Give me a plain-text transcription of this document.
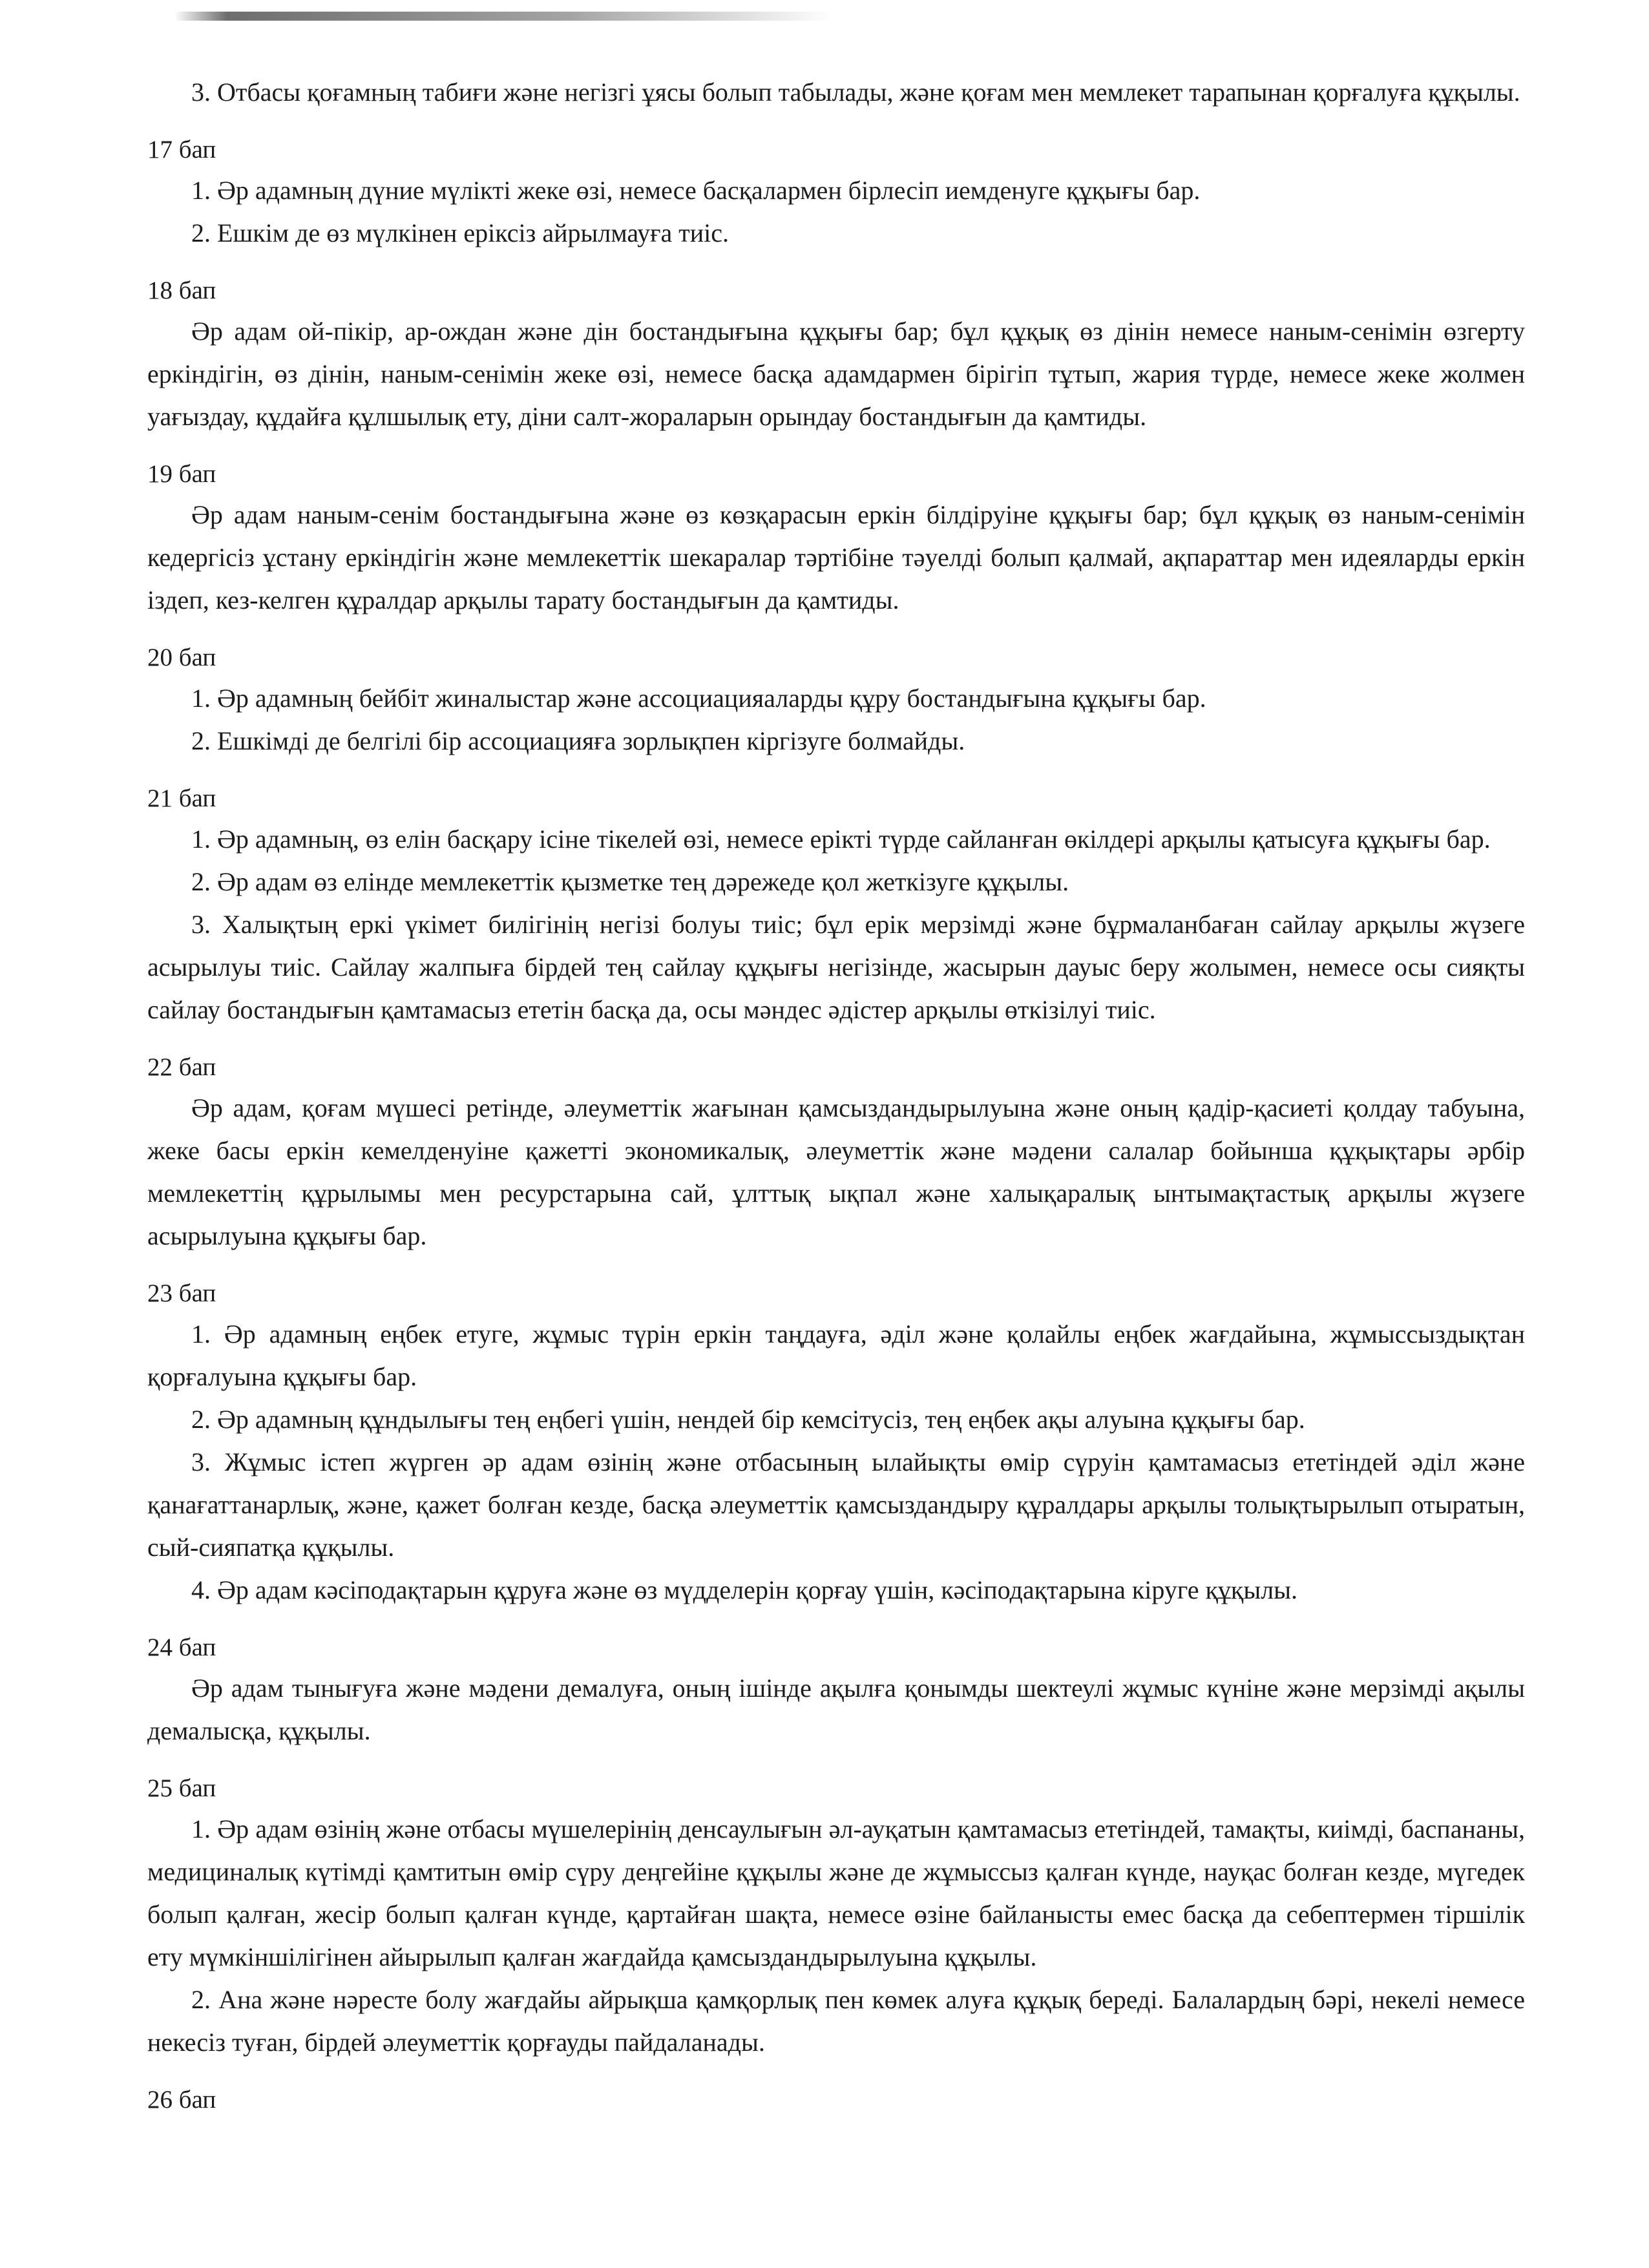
3. Отбасы қоғамның табиғи және негізгі ұясы болып табылады, және қоғам мен мемлекет тарапынан қорғалуға құқылы.

17 бап

1. Әр адамның дүние мүлікті жеке өзі, немесе басқалармен бірлесіп иемденуге құқығы бар.

2. Ешкім де өз мүлкінен еріксіз айрылмауға тиіс.

18 бап

Әр адам ой-пікір, ар-ождан және дін бостандығына құқығы бар; бұл құқық өз дінін немесе наным-сенімін өзгерту еркіндігін, өз дінін, наным-сенімін жеке өзі, немесе басқа адамдармен бірігіп тұтып, жария түрде, немесе жеке жолмен уағыздау, құдайға құлшылық ету, діни салт-жораларын орындау бостандығын да қамтиды.

19 бап

Әр адам наным-сенім бостандығына және өз көзқарасын еркін білдіруіне құқығы бар; бұл құқық өз наным-сенімін кедергісіз ұстану еркіндігін және мемлекеттік шекаралар тәртібіне тәуелді болып қалмай, ақпараттар мен идеяларды еркін іздеп, кез-келген құралдар арқылы тарату бостандығын да қамтиды.

20 бап

1. Әр адамның бейбіт жиналыстар және ассоциацияаларды құру бостандығына құқығы бар.

2. Ешкімді де белгілі бір ассоциацияға зорлықпен кіргізуге болмайды.

21 бап

1. Әр адамның, өз елін басқару ісіне тікелей өзі, немесе ерікті түрде сайланған өкілдері арқылы қатысуға құқығы бар.

2. Әр адам өз елінде мемлекеттік қызметке тең дәрежеде қол жеткізуге құқылы.

3. Халықтың еркі үкімет билігінің негізі болуы тиіс; бұл ерік мерзімді және бұрмаланбаған сайлау арқылы жүзеге асырылуы тиіс. Сайлау жалпыға бірдей тең сайлау құқығы негізінде, жасырын дауыс беру жолымен, немесе осы сияқты сайлау бостандығын қамтамасыз ететін басқа да, осы мәндес әдістер арқылы өткізілуі тиіс.

22 бап

Әр адам, қоғам мүшесі ретінде, әлеуметтік жағынан қамсыздандырылуына және оның қадір-қасиеті қолдау табуына, жеке басы еркін кемелденуіне қажетті экономикалық, әлеуметтік және мәдени салалар бойынша құқықтары әрбір мемлекеттің құрылымы мен ресурстарына сай, ұлттық ықпал және халықаралық ынтымақтастық арқылы жүзеге асырылуына құқығы бар.

23 бап

1. Әр адамның еңбек етуге, жұмыс түрін еркін таңдауға, әділ және қолайлы еңбек жағдайына, жұмыссыздықтан қорғалуына құқығы бар.

2. Әр адамның құндылығы тең еңбегі үшін, нендей бір кемсітусіз, тең еңбек ақы алуына құқығы бар.

3. Жұмыс істеп жүрген әр адам өзінің және отбасының ылайықты өмір сүруін қамтамасыз ететіндей әділ және қанағаттанарлық, және, қажет болған кезде, басқа әлеуметтік қамсыздандыру құралдары арқылы толықтырылып отыратын, сый-сияпатқа құқылы.

4. Әр адам кәсіподақтарын құруға және өз мүдделерін қорғау үшін, кәсіподақтарына кіруге құқылы.

24 бап

Әр адам тынығуға және мәдени демалуға, оның ішінде ақылға қонымды шектеулі жұмыс күніне және мерзімді ақылы демалысқа, құқылы.

25 бап

1. Әр адам өзінің және отбасы мүшелерінің денсаулығын әл-ауқатын қамтамасыз ететіндей, тамақты, киімді, баспананы, медициналық күтімді қамтитын өмір сүру деңгейіне құқылы және де жұмыссыз қалған күнде, науқас болған кезде, мүгедек болып қалған, жесір болып қалған күнде, қартайған шақта, немесе өзіне байланысты емес басқа да себептермен тіршілік ету мүмкіншілігінен айырылып қалған жағдайда қамсыздандырылуына құқылы.

2. Ана және нәресте болу жағдайы айрықша қамқорлық пен көмек алуға құқық береді. Балалардың бәрі, некелі немесе некесіз туған, бірдей әлеуметтік қорғауды пайдаланады.

26 бап
